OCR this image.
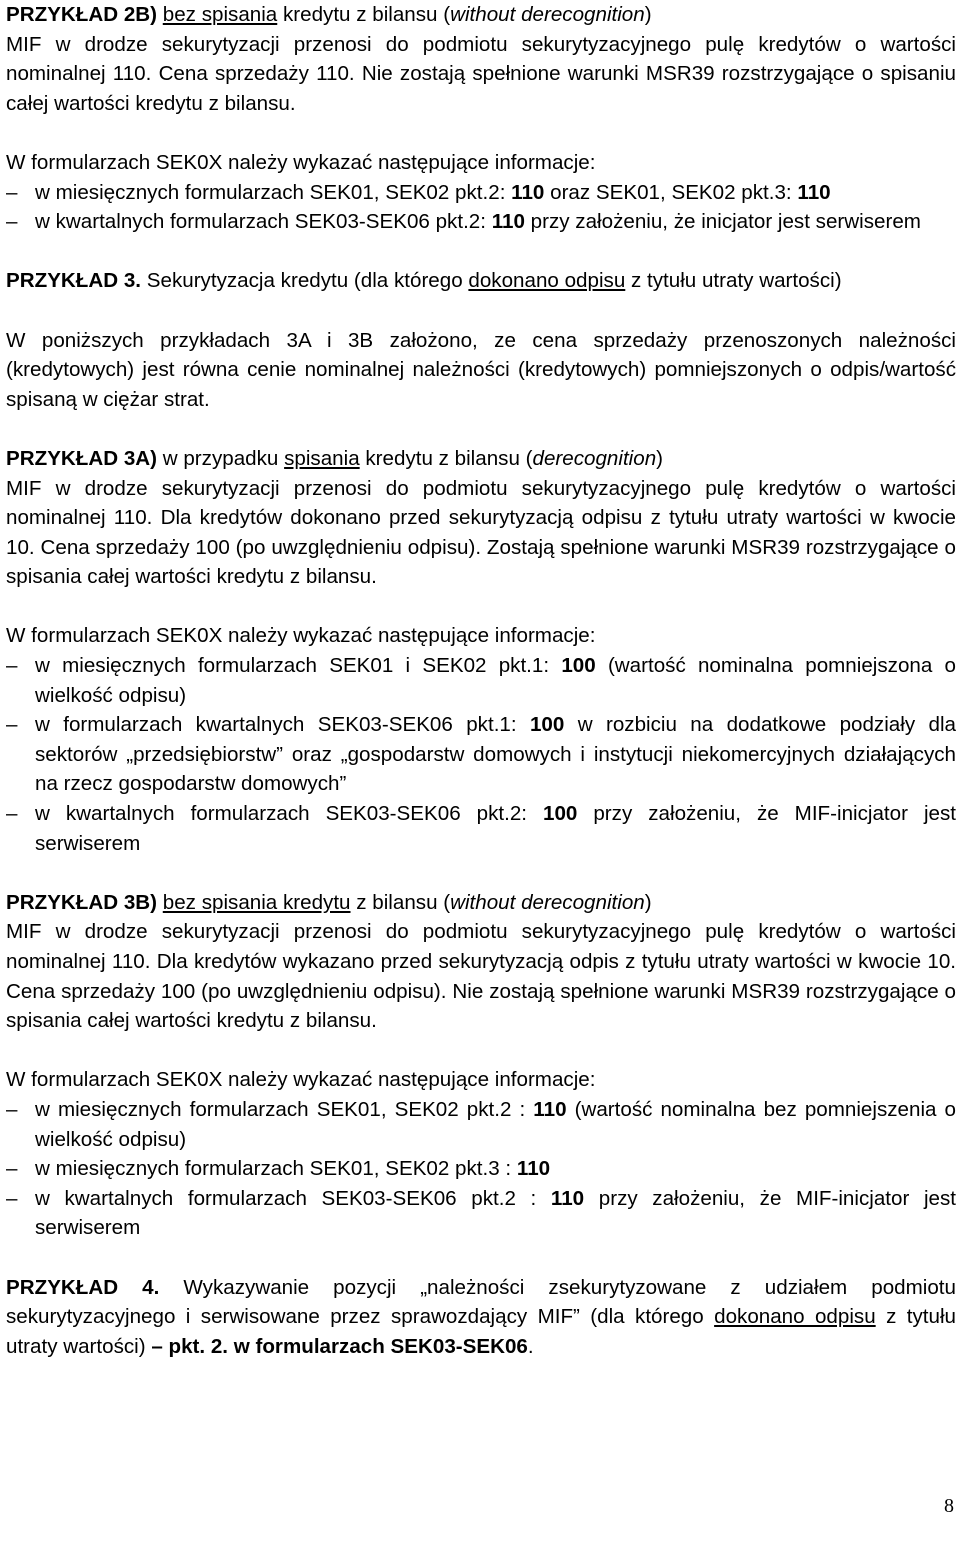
PRZYKŁAD 2B) bez spisania kredytu z bilansu (without derecognition)

MIF w drodze sekurytyzacji przenosi do podmiotu sekurytyzacyjnego pulę kredytów o wartości nominalnej 110. Cena sprzedaży 110. Nie zostają spełnione warunki MSR39 rozstrzygające o spisaniu całej wartości kredytu z bilansu.

W formularzach SEK0X należy wykazać następujące informacje:

– w miesięcznych formularzach SEK01, SEK02 pkt.2: 110 oraz SEK01, SEK02 pkt.3: 110
– w kwartalnych formularzach SEK03-SEK06 pkt.2: 110 przy założeniu, że inicjator jest serwiserem

PRZYKŁAD 3. Sekurytyzacja kredytu (dla którego dokonano odpisu z tytułu utraty wartości)

W poniższych przykładach 3A i 3B założono, ze cena sprzedaży przenoszonych należności (kredytowych) jest równa cenie nominalnej należności (kredytowych) pomniejszonych o odpis/wartość spisaną w ciężar strat.

PRZYKŁAD 3A) w przypadku spisania kredytu z bilansu (derecognition)

MIF w drodze sekurytyzacji przenosi do podmiotu sekurytyzacyjnego pulę kredytów o wartości nominalnej 110. Dla kredytów dokonano przed sekurytyzacją odpisu z tytułu utraty wartości w kwocie 10. Cena sprzedaży 100 (po uwzględnieniu odpisu). Zostają spełnione warunki MSR39 rozstrzygające o spisania całej wartości kredytu z bilansu.

W formularzach SEK0X należy wykazać następujące informacje:

– w miesięcznych formularzach SEK01 i SEK02 pkt.1: 100 (wartość nominalna pomniejszona o wielkość odpisu)
– w formularzach kwartalnych SEK03-SEK06 pkt.1: 100 w rozbiciu na dodatkowe podziały dla sektorów „przedsiębiorstw” oraz „gospodarstw domowych i instytucji niekomercyjnych działających na rzecz gospodarstw domowych”
– w kwartalnych formularzach SEK03-SEK06 pkt.2: 100 przy założeniu, że MIF-inicjator jest serwiserem

PRZYKŁAD 3B) bez spisania kredytu z bilansu (without derecognition)

MIF w drodze sekurytyzacji przenosi do podmiotu sekurytyzacyjnego pulę kredytów o wartości nominalnej 110. Dla kredytów wykazano przed sekurytyzacją odpis z tytułu utraty wartości w kwocie 10. Cena sprzedaży 100 (po uwzględnieniu odpisu). Nie zostają spełnione warunki MSR39 rozstrzygające o spisania całej wartości kredytu z bilansu.

W formularzach SEK0X należy wykazać następujące informacje:

– w miesięcznych formularzach SEK01, SEK02 pkt.2 : 110 (wartość nominalna bez pomniejszenia o wielkość odpisu)
– w miesięcznych formularzach SEK01, SEK02 pkt.3 : 110
– w kwartalnych formularzach SEK03-SEK06 pkt.2 : 110 przy założeniu, że MIF-inicjator jest serwiserem

PRZYKŁAD 4. Wykazywanie pozycji „należności zsekurytyzowane z udziałem podmiotu sekurytyzacyjnego i serwisowane przez sprawozdający MIF” (dla którego dokonano odpisu z tytułu utraty wartości) – pkt. 2. w formularzach SEK03-SEK06.

8
